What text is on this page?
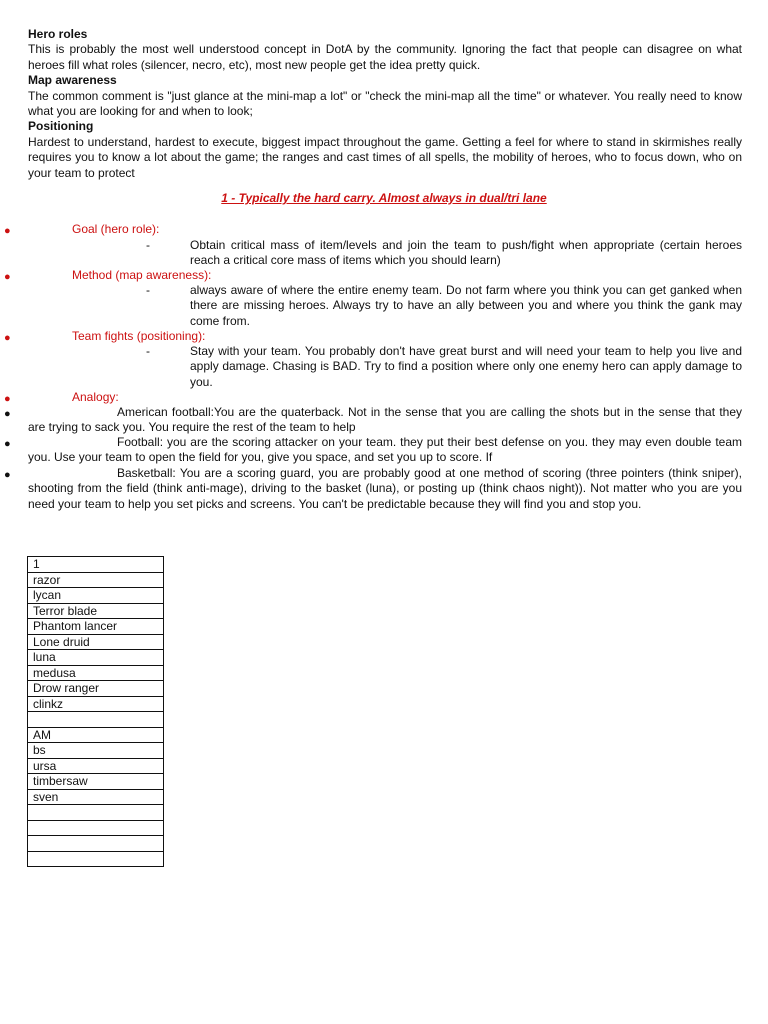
Hero roles

This is probably the most well understood concept in DotA by the community. Ignoring the fact that people can disagree on what heroes fill what roles (silencer, necro, etc), most new people get the idea pretty quick.

Map awareness

The common comment is "just glance at the mini-map a lot" or "check the mini-map all the time" or whatever. You really need to know what you are looking for and when to look;

Positioning

Hardest to understand, hardest to execute, biggest impact throughout the game. Getting a feel for where to stand in skirmishes really requires you to know a lot about the game; the ranges and cast times of all spells, the mobility of heroes, who to focus down, who on your team to protect

1 - Typically the hard carry. Almost always in dual/tri lane
●	Goal (hero role):
-	Obtain critical mass of item/levels and join the team to push/fight when appropriate (certain heroes reach a critical core mass of items which you should learn)
●	Method (map awareness):
-	always aware of where the entire enemy team. Do not farm where you think you can get ganked when there are missing heroes. Always try to have an ally between you and where you think the gank may come from.
●	Team fights (positioning):
-	Stay with your team. You probably don't have great burst and will need your team to help you live and apply damage. Chasing is BAD. Try to find a position where only one enemy hero can apply damage to you.
●	Analogy:
●	American football:You are the quaterback. Not in the sense that you are calling the shots but in the sense that they are trying to sack you. You require the rest of the team to help
●	Football: you are the scoring attacker on your team. they put their best defense on you. they may even double team you. Use your team to open the field for you, give you space, and set you up to score. If
●	Basketball: You are a scoring guard, you are probably good at one method of scoring (three pointers (think sniper), shooting from the field (think anti-mage), driving to the basket (luna), or posting up (think chaos night)). Not matter who you are you need your team to help you set picks and screens. You can't be predictable because they will find you and stop you.
1
razor
lycan
Terror blade
Phantom lancer
Lone druid
luna
medusa
Drow ranger
clinkz

AM
bs
ursa
timbersaw
sven
